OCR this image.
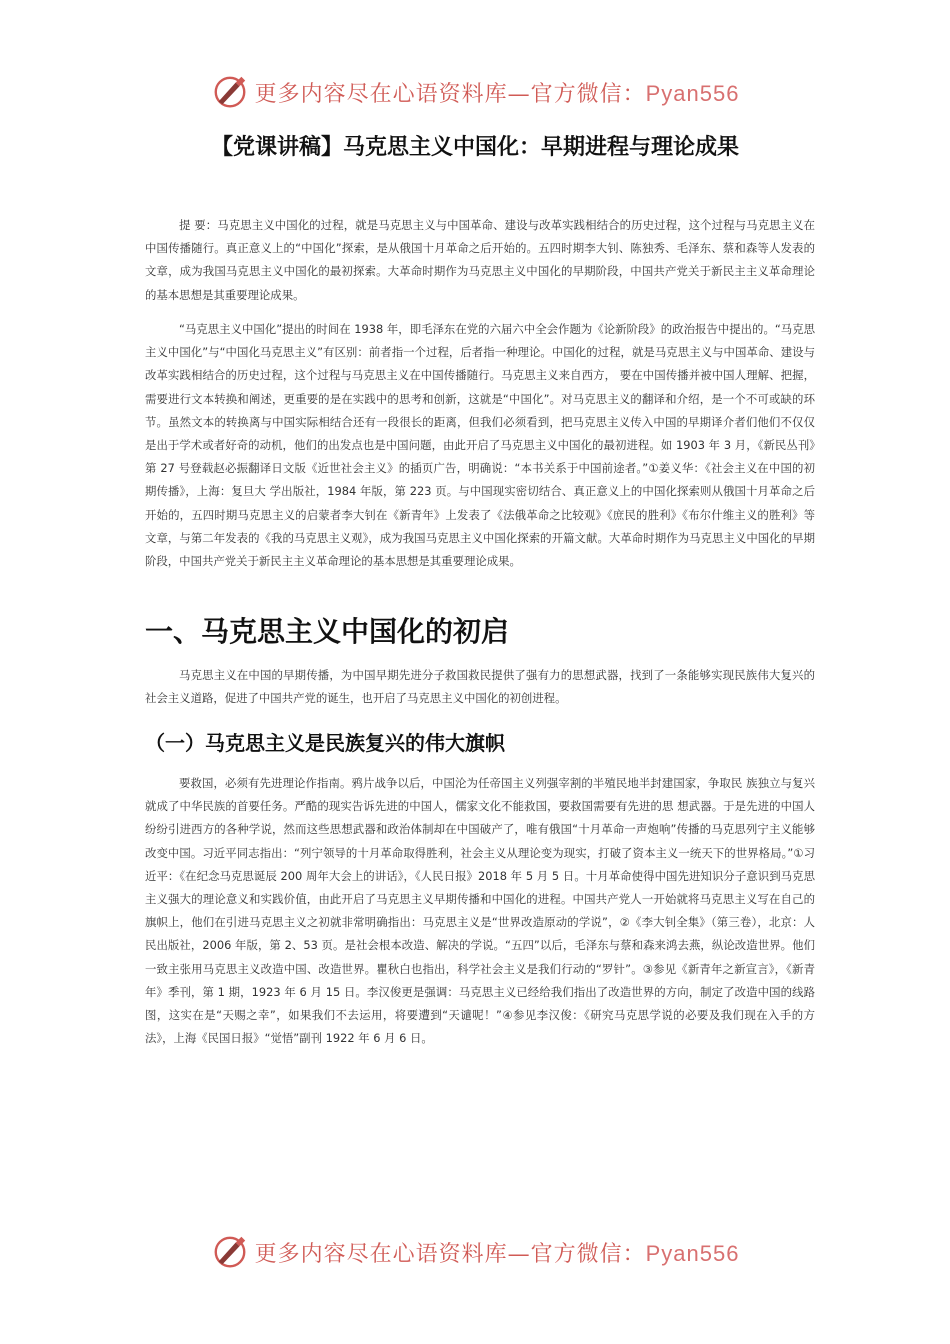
更多内容尽在心语资料库—官方微信：Pyan556
【党课讲稿】马克思主义中国化：早期进程与理论成果
提 要：马克思主义中国化的过程，就是马克思主义与中国革命、建设与改革实践相结合的历史过程，这个过程与马克思主义在中国传播随行。真正意义上的“中国化”探索，是从俄国十月革命之后开始的。五四时期李大钊、陈独秀、毛泽东、蔡和森等人发表的文章，成为我国马克思主义中国化的最初探索。大革命时期作为马克思主义中国化的早期阶段，中国共产党关于新民主主义革命理论的基本思想是其重要理论成果。
“马克思主义中国化”提出的时间在 1938 年，即毛泽东在党的六届六中全会作题为《论新阶段》的政治报告中提出的。“马克思主义中国化”与“中国化马克思主义”有区别：前者指一个过程，后者指一种理论。中国化的过程，就是马克思主义与中国革命、建设与改革实践相结合的历史过程，这个过程与马克思主义在中国传播随行。马克思主义来自西方， 要在中国传播并被中国人理解、把握，需要进行文本转换和阐述，更重要的是在实践中的思考和创新，这就是“中国化”。对马克思主义的翻译和介绍，是一个不可或缺的环节。虽然文本的转换离与中国实际相结合还有一段很长的距离，但我们必须看到，把马克思主义传入中国的早期译介者们他们不仅仅是出于学术或者好奇的动机，他们的出发点也是中国问题，由此开启了马克思主义中国化的最初进程。如 1903 年 3 月，《新民丛刊》第 27 号登载赵必振翻译日文版《近世社会主义》的插页广告，明确说：“本书关系于中国前途者。”①姜义华：《社会主义在中国的初期传播》，上海：复旦大 学出版社，1984 年版，第 223 页。与中国现实密切结合、真正意义上的中国化探索则从俄国十月革命之后开始的，五四时期马克思主义的启蒙者李大钊在《新青年》上发表了《法俄革命之比较观》《庶民的胜利》《布尔什维主义的胜利》等文章，与第二年发表的《我的马克思主义观》，成为我国马克思主义中国化探索的开篇文献。大革命时期作为马克思主义中国化的早期阶段，中国共产党关于新民主主义革命理论的基本思想是其重要理论成果。
一、马克思主义中国化的初启
马克思主义在中国的早期传播，为中国早期先进分子救国救民提供了强有力的思想武器，找到了一条能够实现民族伟大复兴的社会主义道路，促进了中国共产党的诞生，也开启了马克思主义中国化的初创进程。
（一）马克思主义是民族复兴的伟大旗帜
要救国，必须有先进理论作指南。鸦片战争以后，中国沦为任帝国主义列强宰割的半殖民地半封建国家，争取民 族独立与复兴就成了中华民族的首要任务。严酷的现实告诉先进的中国人，儒家文化不能救国，要救国需要有先进的思 想武器。于是先进的中国人纷纷引进西方的各种学说，然而这些思想武器和政治体制却在中国破产了，唯有俄国“十月革命一声炮响”传播的马克思列宁主义能够改变中国。习近平同志指出：“列宁领导的十月革命取得胜利，社会主义从理论变为现实，打破了资本主义一统天下的世界格局。”①习近平：《在纪念马克思诞辰 200 周年大会上的讲话》，《人民日报》2018 年 5 月 5 日。十月革命使得中国先进知识分子意识到马克思主义强大的理论意义和实践价值，由此开启了马克思主义早期传播和中国化的进程。中国共产党人一开始就将马克思主义写在自己的旗帜上，他们在引进马克思主义之初就非常明确指出：马克思主义是“世界改造原动的学说”，②《李大钊全集》（第三卷），北京：人民出版社，2006 年版，第 2、53 页。是社会根本改造、解决的学说。“五四”以后，毛泽东与蔡和森来鸿去燕，纵论改造世界。他们一致主张用马克思主义改造中国、改造世界。瞿秋白也指出，科学社会主义是我们行动的“罗针”。③参见《新青年之新宣言》，《新青年》季刊，第 1 期，1923 年 6 月 15 日。李汉俊更是强调：马克思主义已经给我们指出了改造世界的方向，制定了改造中国的线路图，这实在是“天赐之幸”，如果我们不去运用，将要遭到“天谴呢！”④参见李汉俊：《研究马克思学说的必要及我们现在入手的方法》，上海《民国日报》“觉悟”副刊 1922 年 6 月 6 日。
更多内容尽在心语资料库—官方微信：Pyan556
